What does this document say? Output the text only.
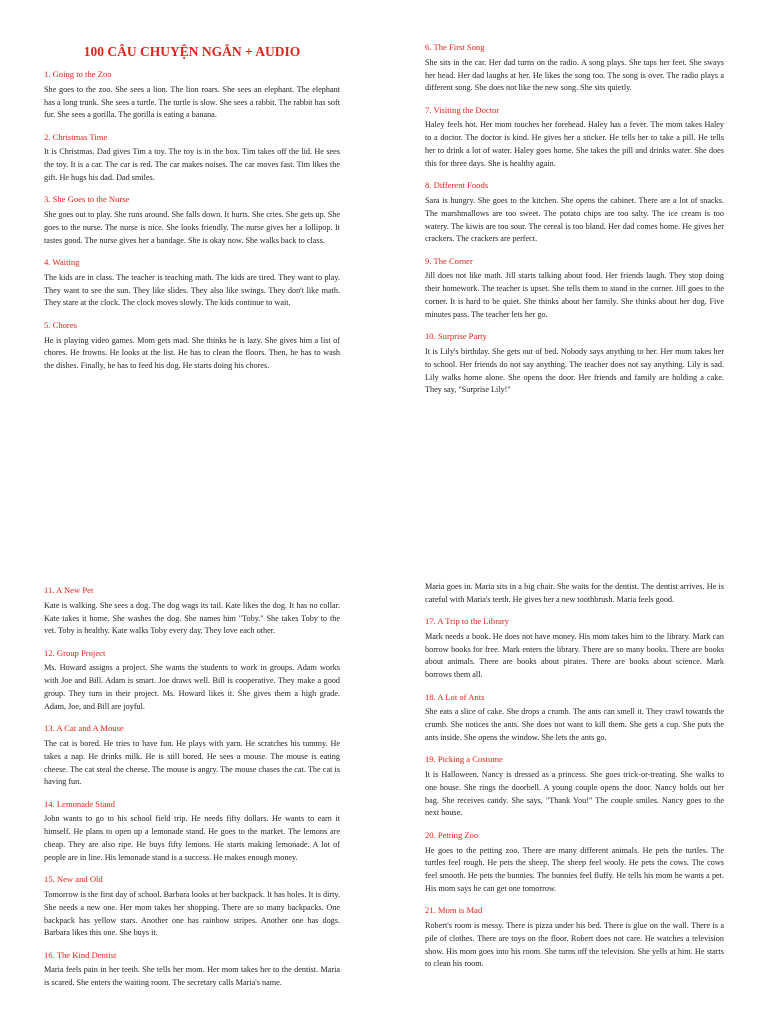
100 CÂU CHUYỆN NGẮN + AUDIO
1. Going to the Zoo
She goes to the zoo. She sees a lion. The lion roars. She sees an elephant. The elephant has a long trunk. She sees a turtle. The turtle is slow. She sees a rabbit. The rabbit has soft fur. She sees a gorilla. The gorilla is eating a banana.
2. Christmas Time
It is Christmas. Dad gives Tim a toy. The toy is in the box. Tim takes off the lid. He sees the toy. It is a car. The car is red. The car makes noises. The car moves fast. Tim likes the gift. He hugs his dad. Dad smiles.
3. She Goes to the Nurse
She goes out to play. She runs around. She falls down. It hurts. She cries. She gets up. She goes to the nurse. The nurse is nice. She looks friendly. The nurse gives her a lollipop. It tastes good. The nurse gives her a bandage. She is okay now. She walks back to class.
4. Waiting
The kids are in class. The teacher is teaching math. The kids are tired. They want to play. They want to see the sun. They like slides. They also like swings. They don't like math. They stare at the clock. The clock moves slowly. The kids continue to wait.
5. Chores
He is playing video games. Mom gets mad. She thinks he is lazy. She gives him a list of chores. He frowns. He looks at the list. He has to clean the floors. Then, he has to wash the dishes. Finally, he has to feed his dog. He starts doing his chores.
6. The First Song
She sits in the car. Her dad turns on the radio. A song plays. She taps her feet. She sways her head. Her dad laughs at her. He likes the song too. The song is over. The radio plays a different song. She does not like the new song. She sits quietly.
7. Visiting the Doctor
Haley feels hot. Her mom touches her forehead. Haley has a fever. The mom takes Haley to a doctor. The doctor is kind. He gives her a sticker. He tells her to take a pill. He tells her to drink a lot of water. Haley goes home. She takes the pill and drinks water. She does this for three days. She is healthy again.
8. Different Foods
Sara is hungry. She goes to the kitchen. She opens the cabinet. There are a lot of snacks. The marshmallows are too sweet. The potato chips are too salty. The ice cream is too watery. The kiwis are too sour. The cereal is too bland. Her dad comes home. He gives her crackers. The crackers are perfect.
9. The Corner
Jill does not like math. Jill starts talking about food. Her friends laugh. They stop doing their homework. The teacher is upset. She tells them to stand in the corner. Jill goes to the corner. It is hard to be quiet. She thinks about her family. She thinks about her dog. Five minutes pass. The teacher lets her go.
10. Surprise Party
It is Lily's birthday. She gets out of bed. Nobody says anything to her. Her mom takes her to school. Her friends do not say anything. The teacher does not say anything. Lily is sad. Lily walks home alone. She opens the door. Her friends and family are holding a cake. They say, "Surprise Lily!"
11. A New Pet
Kate is walking. She sees a dog. The dog wags its tail. Kate likes the dog. It has no collar. Kate takes it home. She washes the dog. She names him "Toby." She takes Toby to the vet. Toby is healthy. Kate walks Toby every day. They love each other.
12. Group Project
Ms. Howard assigns a project. She wants the students to work in groups. Adam works with Joe and Bill. Adam is smart. Joe draws well. Bill is cooperative. They make a good group. They turn in their project. Ms. Howard likes it. She gives them a high grade. Adam, Joe, and Bill are joyful.
13. A Cat and A Mouse
The cat is bored. He tries to have fun. He plays with yarn. He scratches his tummy. He takes a nap. He drinks milk. He is still bored. He sees a mouse. The mouse is eating cheese. The cat steal the cheese. The mouse is angry. The mouse chases the cat. The cat is having fun.
14. Lemonade Stand
John wants to go to his school field trip. He needs fifty dollars. He wants to earn it himself. He plans to open up a lemonade stand. He goes to the market. The lemons are cheap. They are also ripe. He buys fifty lemons. He starts making lemonade. A lot of people are in line. His lemonade stand is a success. He makes enough money.
15. New and Old
Tomorrow is the first day of school. Barbara looks at her backpack. It has holes. It is dirty. She needs a new one. Her mom takes her shopping. There are so many backpacks. One backpack has yellow stars. Another one has rainbow stripes. Another one has dogs. Barbara likes this one. She buys it.
16. The Kind Dentist
Maria feels pain in her teeth. She tells her mom. Her mom takes her to the dentist. Maria is scared. She enters the waiting room. The secretary calls Maria's name.
Maria goes in. Maria sits in a big chair. She waits for the dentist. The dentist arrives. He is careful with Maria's teeth. He gives her a new toothbrush. Maria feels good.
17. A Trip to the Library
Mark needs a book. He does not have money. His mom takes him to the library. Mark can borrow books for free. Mark enters the library. There are so many books. There are books about animals. There are books about pirates. There are books about science. Mark borrows them all.
18. A Lot of Ants
She eats a slice of cake. She drops a crumb. The ants can smell it. They crawl towards the crumb. She notices the ants. She does not want to kill them. She gets a cup. She puts the ants inside. She opens the window. She lets the ants go.
19. Picking a Costume
It is Halloween. Nancy is dressed as a princess. She goes trick-or-treating. She walks to one house. She rings the doorbell. A young couple opens the door. Nancy holds out her bag. She receives candy. She says, "Thank You!" The couple smiles. Nancy goes to the next house.
20. Petting Zoo
He goes to the petting zoo. There are many different animals. He pets the turtles. The turtles feel rough. He pets the sheep. The sheep feel wooly. He pets the cows. The cows feel smooth. He pets the bunnies. The bunnies feel fluffy. He tells his mom he wants a pet. His mom says he can get one tomorrow.
21. Mom is Mad
Robert's room is messy. There is pizza under his bed. There is glue on the wall. There is a pile of clothes. There are toys on the floor. Robert does not care. He watches a television show. His mom goes into his room. She turns off the television. She yells at him. He starts to clean his room.
